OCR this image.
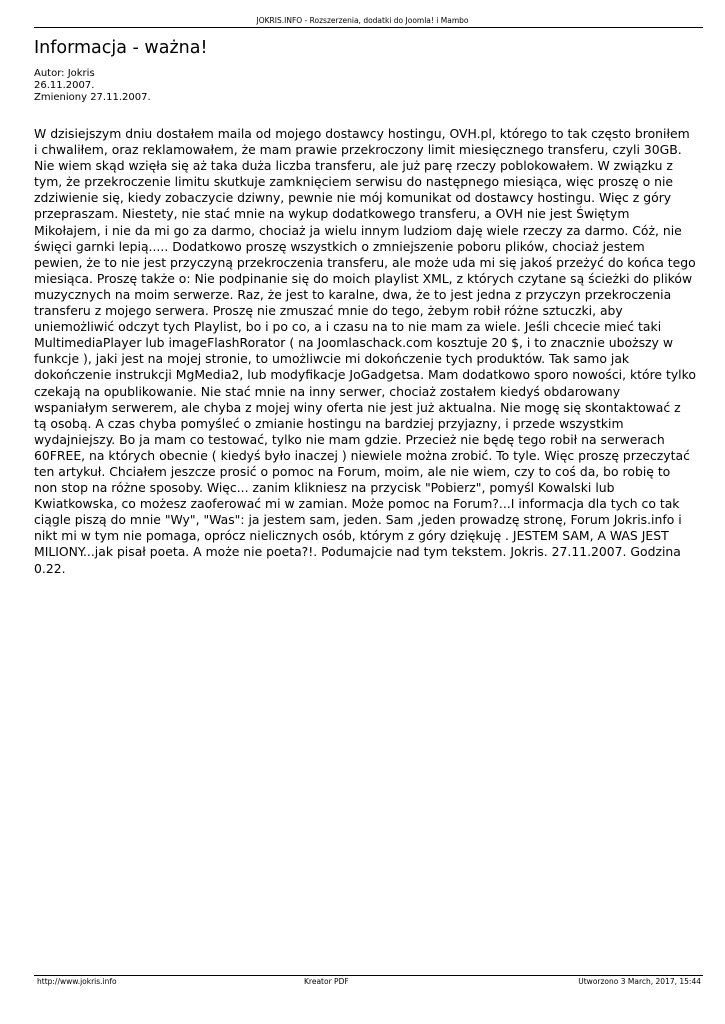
JOKRIS.INFO - Rozszerzenia, dodatki do Joomla! i Mambo
Informacja - ważna!
Autor: Jokris
26.11.2007.
Zmieniony 27.11.2007.

W dzisiejszym dniu dostałem maila od mojego dostawcy hostingu, OVH.pl, którego to tak często broniłem i chwaliłem, oraz reklamowałem, że mam prawie przekroczony limit miesięcznego transferu, czyli 30GB. Nie wiem skąd wzięła się aż taka duża liczba transferu, ale już parę rzeczy poblokowałem. W związku z tym, że przekroczenie limitu skutkuje zamknięciem serwisu do następnego miesiąca, więc proszę o nie zdziwienie się, kiedy zobaczycie dziwny, pewnie nie mój komunikat od dostawcy hostingu. Więc z góry przepraszam. Niestety, nie stać mnie na wykup dodatkowego transferu, a OVH nie jest Świętym Mikołajem, i nie da mi go za darmo, chociaż ja wielu innym ludziom daję wiele rzeczy za darmo. Cóż, nie święci garnki lepią..... Dodatkowo proszę wszystkich o zmniejszenie poboru plików, chociaż jestem pewien, że to nie jest przyczyną przekroczenia transferu, ale może uda mi się jakoś przeżyć do końca tego miesiąca. Proszę także o: Nie podpinanie się do moich playlist XML, z których czytane są ścieżki do plików muzycznych na moim serwerze. Raz, że jest to karalne, dwa, że to jest jedna z przyczyn przekroczenia transferu z mojego serwera. Proszę nie zmuszać mnie do tego, żebym robił różne sztuczki, aby uniemożliwić odczyt tych Playlist, bo i po co, a i czasu na to nie mam za wiele. Jeśli chcecie mieć taki MultimediaPlayer lub imageFlashRorator ( na Joomlaschack.com kosztuje 20 $, i to znacznie uboższy w funkcje ), jaki jest na mojej stronie, to umożliwcie mi dokończenie tych produktów. Tak samo jak dokończenie instrukcji MgMedia2, lub modyfikacje JoGadgetsa. Mam dodatkowo sporo nowości, które tylko czekają na opublikowanie. Nie stać mnie na inny serwer, chociaż zostałem kiedyś obdarowany wspaniałym serwerem, ale chyba z mojej winy oferta nie jest już aktualna. Nie mogę się skontaktować z tą osobą. A czas chyba pomyśleć o zmianie hostingu na bardziej przyjazny, i przede wszystkim wydajniejszy. Bo ja mam co testować, tylko nie mam gdzie. Przecież nie będę tego robił na serwerach 60FREE, na których obecnie ( kiedyś było inaczej ) niewiele można zrobić. To tyle. Więc proszę przeczytać ten artykuł. Chciałem jeszcze prosić o pomoc na Forum, moim, ale nie wiem, czy to coś da, bo robię to non stop na różne sposoby. Więc... zanim klikniesz na przycisk "Pobierz", pomyśl Kowalski lub Kwiatkowska, co możesz zaoferować mi w zamian. Może pomoc na Forum?...I informacja dla tych co tak ciągle piszą do mnie "Wy", "Was": ja jestem sam, jeden. Sam ,jeden prowadzę stronę, Forum Jokris.info i nikt mi w tym nie pomaga, oprócz nielicznych osób, którym z góry dziękuję . JESTEM SAM, A WAS JEST MILIONY...jak pisał poeta. A może nie poeta?!. Podumajcie nad tym tekstem. Jokris. 27.11.2007. Godzina 0.22.

http://www.jokris.info	Kreator PDF	Utworzono 3 March, 2017, 15:44
